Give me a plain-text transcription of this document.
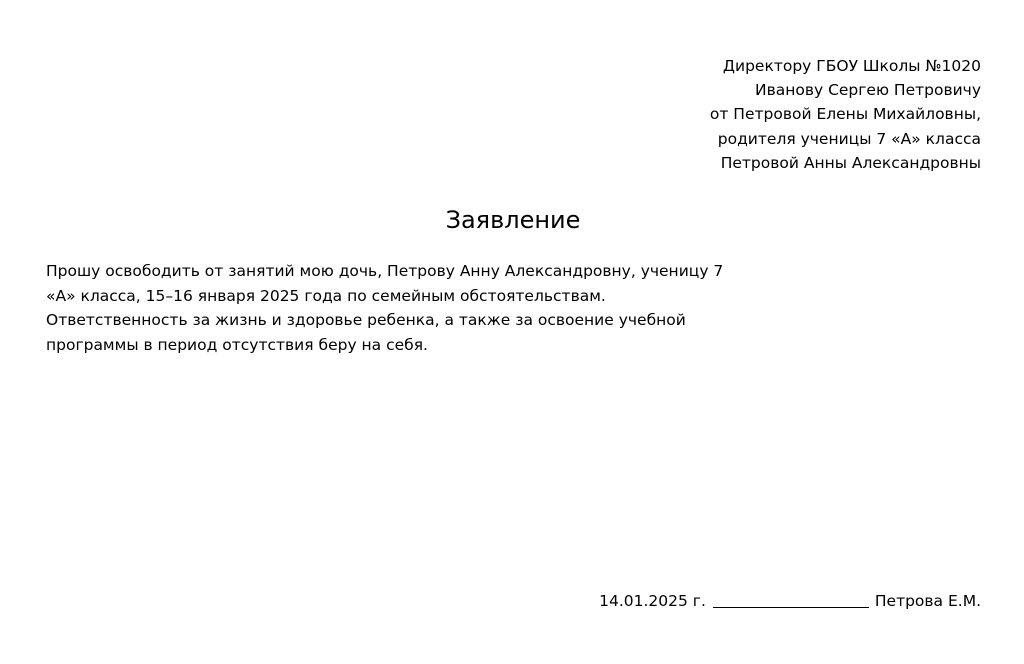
Директору ГБОУ Школы №1020
Иванову Сергею Петровичу
от Петровой Елены Михайловны,
родителя ученицы 7 «А» класса
Петровой Анны Александровны
Заявление
Прошу освободить от занятий мою дочь, Петрову Анну Александровну, ученицу 7
«А» класса, 15–16 января 2025 года по семейным обстоятельствам.
Ответственность за жизнь и здоровье ребенка, а также за освоение учебной
программы в период отсутствия беру на себя.
14.01.2025 г.	Петрова Е.М.
